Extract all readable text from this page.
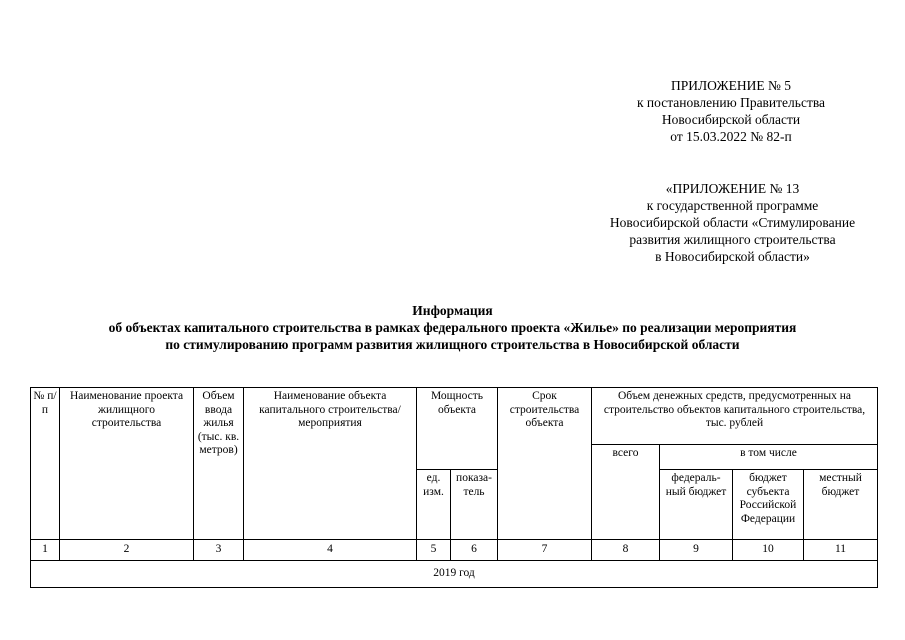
ПРИЛОЖЕНИЕ № 5
к постановлению Правительства
Новосибирской области
от 15.03.2022 № 82-п
«ПРИЛОЖЕНИЕ № 13
к государственной программе
Новосибирской области «Стимулирование
развития жилищного строительства
в Новосибирской области»
Информация
об объектах капитального строительства в рамках федерального проекта «Жилье» по реализации мероприятия
по стимулированию программ развития жилищного строительства в Новосибирской области
№ п/п	Наименование проекта жилищного строительства	Объем ввода жилья (тыс. кв. метров)	Наименование объекта капитального строительства/мероприятия	Мощность объекта		Срок строительства объекта	Объем денежных средств, предусмотренных на строительство объектов капитального строительства, тыс. рублей			
							всего	в том числе		
				ед. изм.	показа-тель			федераль-ный бюджет	бюджет субъекта Российской Федерации	местный бюджет
1	2	3	4	5	6	7	8	9	10	11
2019 год										
